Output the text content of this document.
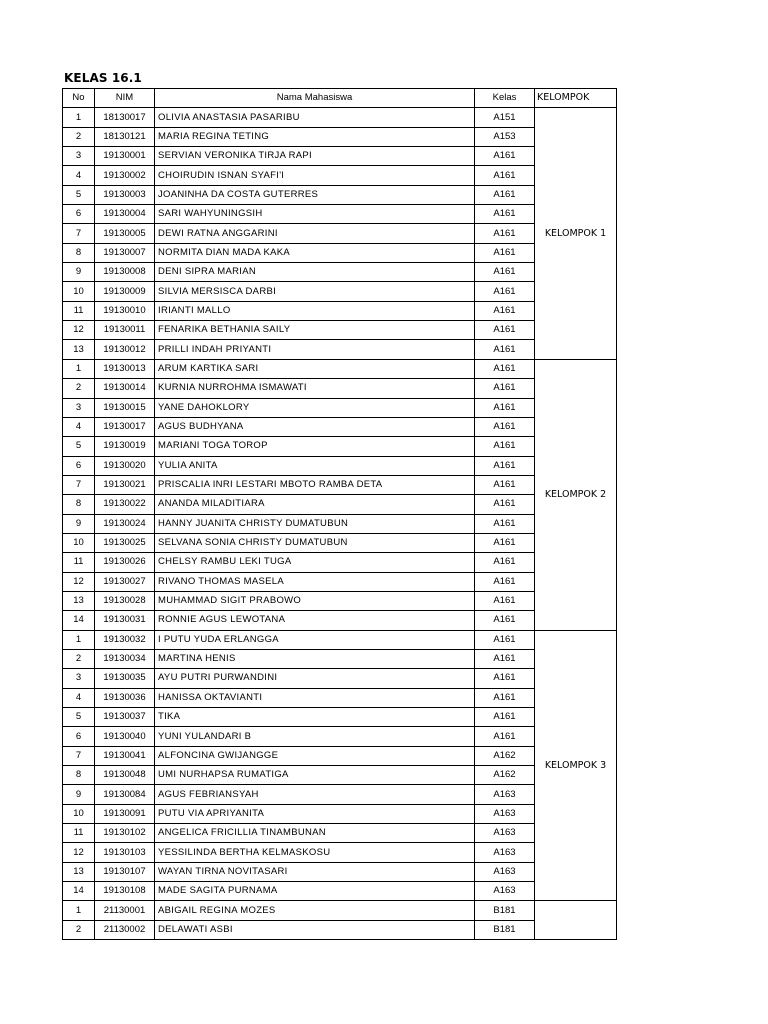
KELAS 16.1
No	NIM	Nama Mahasiswa	Kelas	KELOMPOK
1	18130017	OLIVIA ANASTASIA PASARIBU	A151	KELOMPOK 1
2	18130121	MARIA REGINA TETING	A153	
3	19130001	SERVIAN VERONIKA TIRJA RAPI	A161	
4	19130002	CHOIRUDIN ISNAN SYAFI'I	A161	
5	19130003	JOANINHA DA COSTA GUTERRES	A161	
6	19130004	SARI WAHYUNINGSIH	A161	
7	19130005	DEWI RATNA ANGGARINI	A161	
8	19130007	NORMITA DIAN MADA KAKA	A161	
9	19130008	DENI SIPRA MARIAN	A161	
10	19130009	SILVIA MERSISCA DARBI	A161	
11	19130010	IRIANTI MALLO	A161	
12	19130011	FENARIKA BETHANIA SAILY	A161	
13	19130012	PRILLI INDAH PRIYANTI	A161	
1	19130013	ARUM KARTIKA SARI	A161	KELOMPOK 2
2	19130014	KURNIA NURROHMA ISMAWATI	A161	
3	19130015	YANE DAHOKLORY	A161	
4	19130017	AGUS BUDHYANA	A161	
5	19130019	MARIANI TOGA TOROP	A161	
6	19130020	YULIA ANITA	A161	
7	19130021	PRISCALIA INRI LESTARI MBOTO RAMBA DETA	A161	
8	19130022	ANANDA MILADITIARA	A161	
9	19130024	HANNY JUANITA CHRISTY DUMATUBUN	A161	
10	19130025	SELVANA SONIA CHRISTY DUMATUBUN	A161	
11	19130026	CHELSY RAMBU LEKI TUGA	A161	
12	19130027	RIVANO THOMAS MASELA	A161	
13	19130028	MUHAMMAD SIGIT PRABOWO	A161	
14	19130031	RONNIE AGUS LEWOTANA	A161	
1	19130032	I PUTU YUDA ERLANGGA	A161	KELOMPOK 3
2	19130034	MARTINA HENIS	A161	
3	19130035	AYU PUTRI PURWANDINI	A161	
4	19130036	HANISSA OKTAVIANTI	A161	
5	19130037	TIKA	A161	
6	19130040	YUNI YULANDARI B	A161	
7	19130041	ALFONCINA GWIJANGGE	A162	
8	19130048	UMI NURHAPSA RUMATIGA	A162	
9	19130084	AGUS FEBRIANSYAH	A163	
10	19130091	PUTU VIA APRIYANITA	A163	
11	19130102	ANGELICA FRICILLIA TINAMBUNAN	A163	
12	19130103	YESSILINDA BERTHA KELMASKOSU	A163	
13	19130107	WAYAN TIRNA NOVITASARI	A163	
14	19130108	MADE SAGITA PURNAMA	A163	
1	21130001	ABIGAIL REGINA MOZES	B181	
2	21130002	DELAWATI ASBI	B181	
